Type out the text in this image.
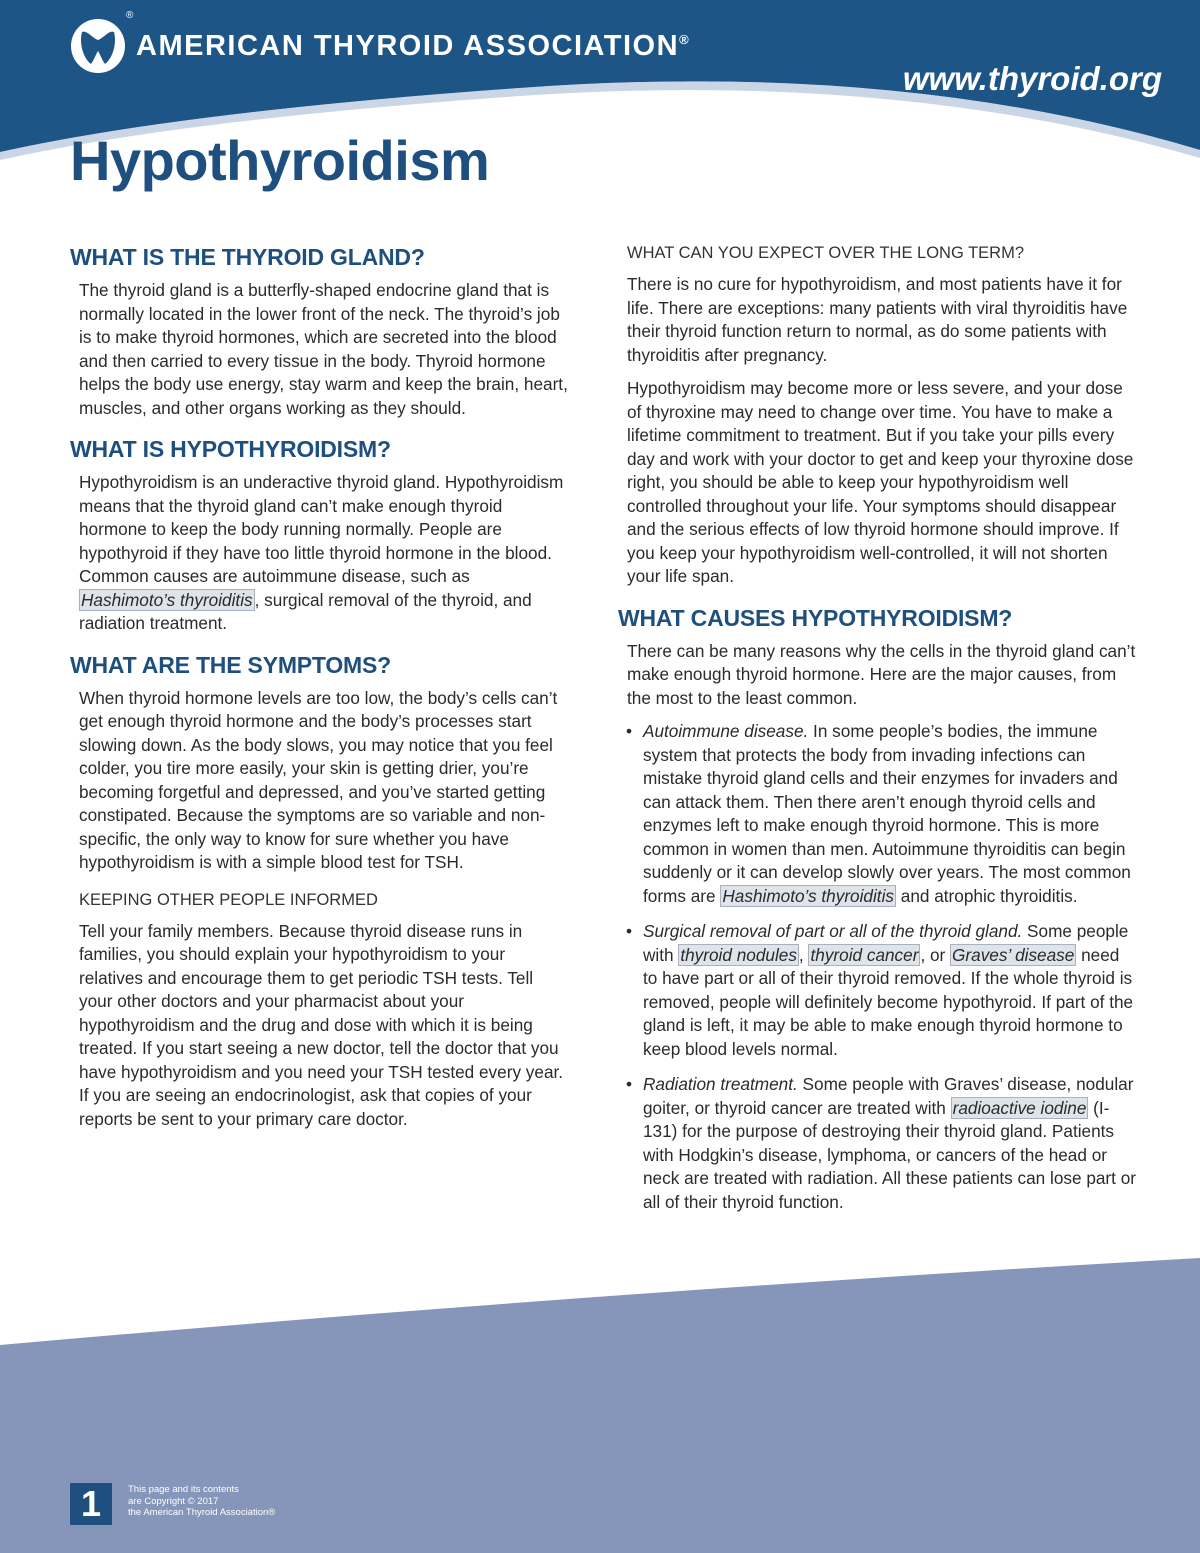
AMERICAN THYROID ASSOCIATION®
®
www.thyroid.org
Hypothyroidism
WHAT IS THE THYROID GLAND?

The thyroid gland is a butterfly-shaped endocrine gland that is normally located in the lower front of the neck. The thyroid’s job is to make thyroid hormones, which are secreted into the blood and then carried to every tissue in the body. Thyroid hormone helps the body use energy, stay warm and keep the brain, heart, muscles, and other organs working as they should.

WHAT IS HYPOTHYROIDISM?

Hypothyroidism is an underactive thyroid gland. Hypothyroidism means that the thyroid gland can’t make enough thyroid hormone to keep the body running normally. People are hypothyroid if they have too little thyroid hormone in the blood. Common causes are autoimmune disease, such as Hashimoto’s thyroiditis , surgical removal of the thyroid, and radiation treatment.

WHAT ARE THE SYMPTOMS?

When thyroid hormone levels are too low, the body’s cells can’t get enough thyroid hormone and the body’s processes start slowing down. As the body slows, you may notice that you feel colder, you tire more easily, your skin is getting drier, you’re becoming forgetful and depressed, and you’ve started getting constipated. Because the symptoms are so variable and non-specific, the only way to know for sure whether you have hypothyroidism is with a simple blood test for TSH.

KEEPING OTHER PEOPLE INFORMED

Tell your family members. Because thyroid disease runs in families, you should explain your hypothyroidism to your relatives and encourage them to get periodic TSH tests. Tell your other doctors and your pharmacist about your hypothyroidism and the drug and dose with which it is being treated. If you start seeing a new doctor, tell the doctor that you have hypothyroidism and you need your TSH tested every year. If you are seeing an endocrinologist, ask that copies of your reports be sent to your primary care doctor.

WHAT CAN YOU EXPECT OVER THE LONG TERM?

There is no cure for hypothyroidism, and most patients have it for life. There are exceptions: many patients with viral thyroiditis have their thyroid function return to normal, as do some patients with thyroiditis after pregnancy.

Hypothyroidism may become more or less severe, and your dose of thyroxine may need to change over time. You have to make a lifetime commitment to treatment. But if you take your pills every day and work with your doctor to get and keep your thyroxine dose right, you should be able to keep your hypothyroidism well controlled throughout your life. Your symptoms should disappear and the serious effects of low thyroid hormone should improve. If you keep your hypothyroidism well-controlled, it will not shorten your life span.

WHAT CAUSES HYPOTHYROIDISM?

There can be many reasons why the cells in the thyroid gland can’t make enough thyroid hormone. Here are the major causes, from the most to the least common.

• Autoimmune disease. In some people’s bodies, the immune system that protects the body from invading infections can mistake thyroid gland cells and their enzymes for invaders and can attack them. Then there aren’t enough thyroid cells and enzymes left to make enough thyroid hormone. This is more common in women than men. Autoimmune thyroiditis can begin suddenly or it can develop slowly over years. The most common forms are Hashimoto’s thyroiditis and atrophic thyroiditis.
• Surgical removal of part or all of the thyroid gland. Some people with thyroid nodules , thyroid cancer , or Graves’ disease need to have part or all of their thyroid removed. If the whole thyroid is removed, people will definitely become hypothyroid. If part of the gland is left, it may be able to make enough thyroid hormone to keep blood levels normal.
• Radiation treatment. Some people with Graves’ disease, nodular goiter, or thyroid cancer are treated with radioactive iodine (I-131) for the purpose of destroying their thyroid gland. Patients with Hodgkin’s disease, lymphoma, or cancers of the head or neck are treated with radiation. All these patients can lose part or all of their thyroid function.
1	This page and its contents
are Copyright © 2017
the American Thyroid Association®
